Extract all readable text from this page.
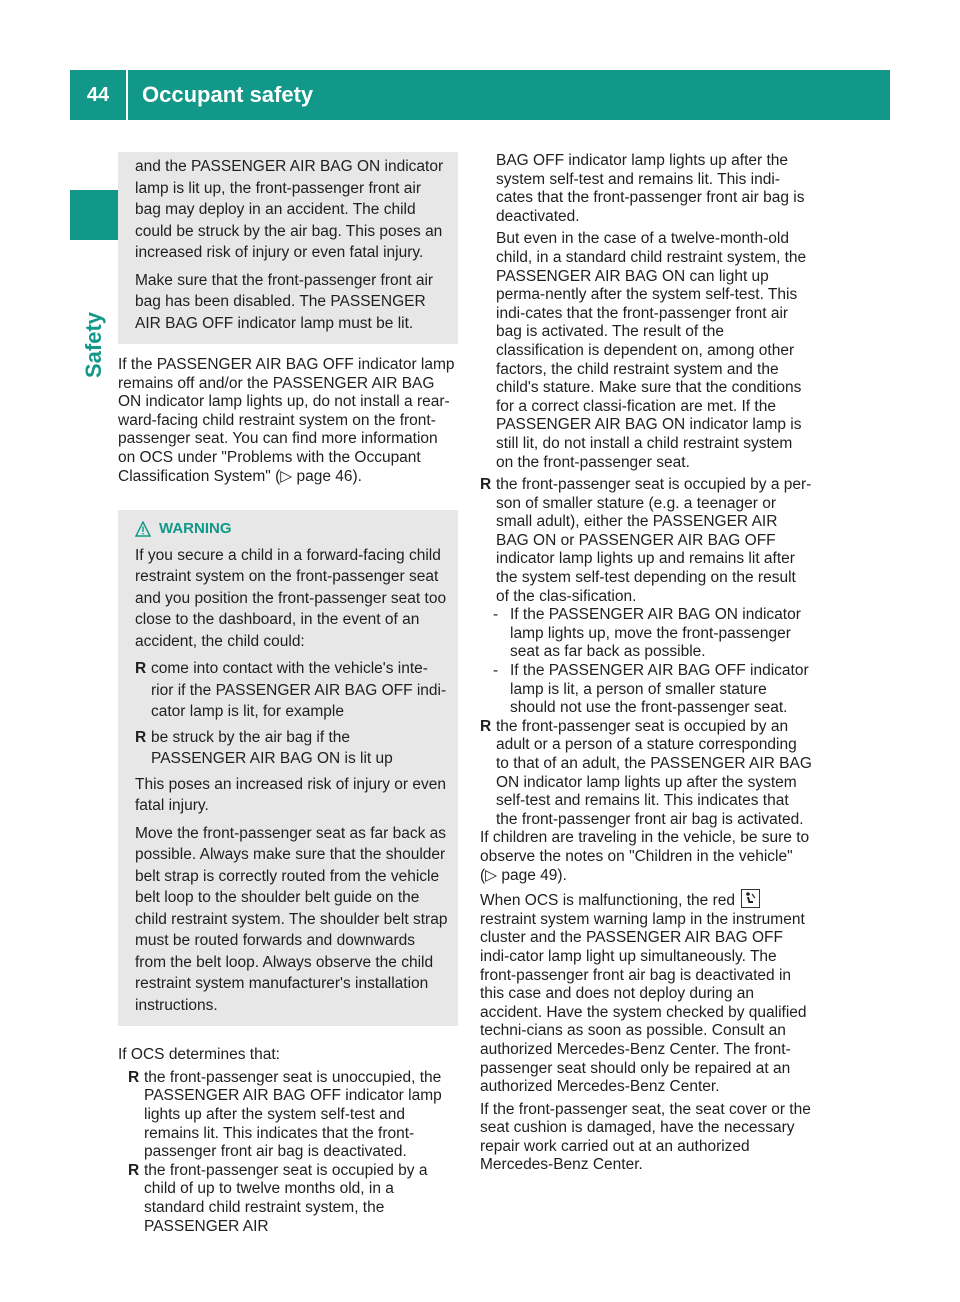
44	Occupant safety
Safety

and the PASSENGER AIR BAG ON indicator lamp is lit up, the front-passenger front air bag may deploy in an accident. The child could be struck by the air bag. This poses an increased risk of injury or even fatal injury.

Make sure that the front-passenger front air bag has been disabled. The PASSENGER AIR BAG OFF indicator lamp must be lit.

If the PASSENGER AIR BAG OFF indicator lamp remains off and/or the PASSENGER AIR BAG ON indicator lamp lights up, do not install a rear-ward-facing child restraint system on the front-passenger seat. You can find more information on OCS under "Problems with the Occupant Classification System" (▷ page 46).

WARNING

If you secure a child in a forward-facing child restraint system on the front-passenger seat and you position the front-passenger seat too close to the dashboard, in the event of an accident, the child could:

R come into contact with the vehicle's inte-rior if the PASSENGER AIR BAG OFF indi-cator lamp is lit, for example
R be struck by the air bag if the PASSENGER AIR BAG ON is lit up

This poses an increased risk of injury or even fatal injury.

Move the front-passenger seat as far back as possible. Always make sure that the shoulder belt strap is correctly routed from the vehicle belt loop to the shoulder belt guide on the child restraint system. The shoulder belt strap must be routed forwards and downwards from the belt loop. Always observe the child restraint system manufacturer's installation instructions.

If OCS determines that:

R the front-passenger seat is unoccupied, the PASSENGER AIR BAG OFF indicator lamp lights up after the system self-test and remains lit. This indicates that the front-passenger front air bag is deactivated.
R the front-passenger seat is occupied by a child of up to twelve months old, in a standard child restraint system, the PASSENGER AIR

BAG OFF indicator lamp lights up after the system self-test and remains lit. This indi-cates that the front-passenger front air bag is deactivated.

But even in the case of a twelve-month-old child, in a standard child restraint system, the PASSENGER AIR BAG ON can light up perma-nently after the system self-test. This indi-cates that the front-passenger front air bag is activated. The result of the classification is dependent on, among other factors, the child restraint system and the child's stature. Make sure that the conditions for a correct classi-fication are met. If the PASSENGER AIR BAG ON indicator lamp is still lit, do not install a child restraint system on the front-passenger seat.

R the front-passenger seat is occupied by a per-son of smaller stature (e.g. a teenager or small adult), either the PASSENGER AIR BAG ON or PASSENGER AIR BAG OFF indicator lamp lights up and remains lit after the system self-test depending on the result of the clas-sification.
- If the PASSENGER AIR BAG ON indicator lamp lights up, move the front-passenger seat as far back as possible.
- If the PASSENGER AIR BAG OFF indicator lamp is lit, a person of smaller stature should not use the front-passenger seat.
R the front-passenger seat is occupied by an adult or a person of a stature corresponding to that of an adult, the PASSENGER AIR BAG ON indicator lamp lights up after the system self-test and remains lit. This indicates that the front-passenger front air bag is activated.

If children are traveling in the vehicle, be sure to observe the notes on "Children in the vehicle" (▷ page 49).

When OCS is malfunctioning, the red
restraint system warning lamp in the instrument cluster and the PASSENGER AIR BAG OFF indi-cator lamp light up simultaneously. The front-passenger front air bag is deactivated in this case and does not deploy during an accident. Have the system checked by qualified techni-cians as soon as possible. Consult an authorized Mercedes-Benz Center. The front-passenger seat should only be repaired at an authorized Mercedes-Benz Center.

If the front-passenger seat, the seat cover or the seat cushion is damaged, have the necessary repair work carried out at an authorized Mercedes-Benz Center.
